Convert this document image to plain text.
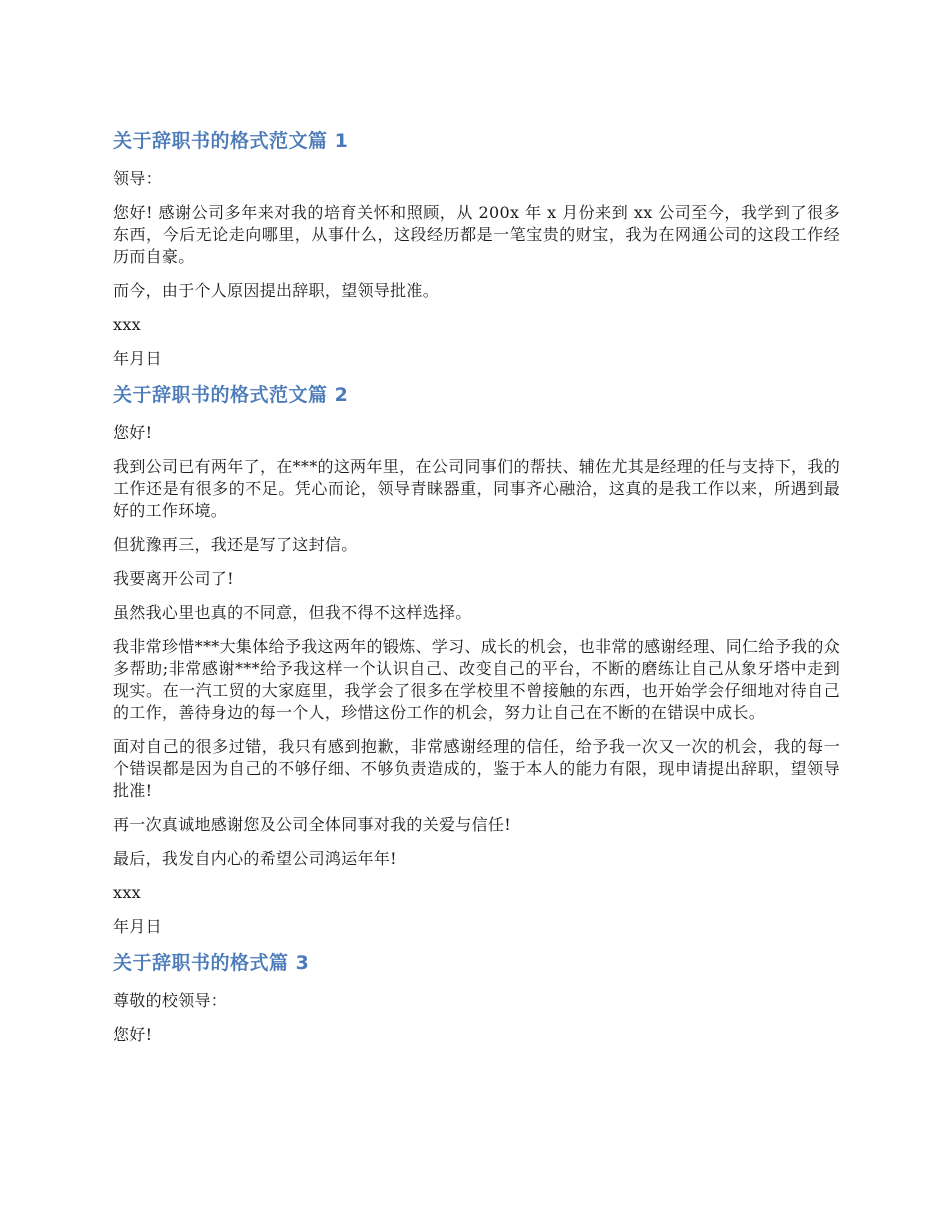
关于辞职书的格式范文篇 1

领导：

您好! 感谢公司多年来对我的培育关怀和照顾，从 200x 年 x 月份来到 xx 公司至今，我学到了很多东西，今后无论走向哪里，从事什么，这段经历都是一笔宝贵的财宝，我为在网通公司的这段工作经历而自豪。

而今，由于个人原因提出辞职，望领导批准。

xxx

年月日

关于辞职书的格式范文篇 2

您好!

我到公司已有两年了，在***的这两年里，在公司同事们的帮扶、辅佐尤其是经理的任与支持下，我的工作还是有很多的不足。凭心而论，领导青睐器重，同事齐心融洽，这真的是我工作以来，所遇到最好的工作环境。

但犹豫再三，我还是写了这封信。

我要离开公司了!

虽然我心里也真的不同意，但我不得不这样选择。

我非常珍惜***大集体给予我这两年的锻炼、学习、成长的机会，也非常的感谢经理、同仁给予我的众多帮助;非常感谢***给予我这样一个认识自己、改变自己的平台，不断的磨练让自己从象牙塔中走到现实。在一汽工贸的大家庭里，我学会了很多在学校里不曾接触的东西，也开始学会仔细地对待自己的工作，善待身边的每一个人，珍惜这份工作的机会，努力让自己在不断的在错误中成长。

面对自己的很多过错，我只有感到抱歉，非常感谢经理的信任，给予我一次又一次的机会，我的每一个错误都是因为自己的不够仔细、不够负责造成的，鉴于本人的能力有限，现申请提出辞职，望领导批准!

再一次真诚地感谢您及公司全体同事对我的关爱与信任!

最后，我发自内心的希望公司鸿运年年!

xxx

年月日

关于辞职书的格式篇 3

尊敬的校领导：

您好!
